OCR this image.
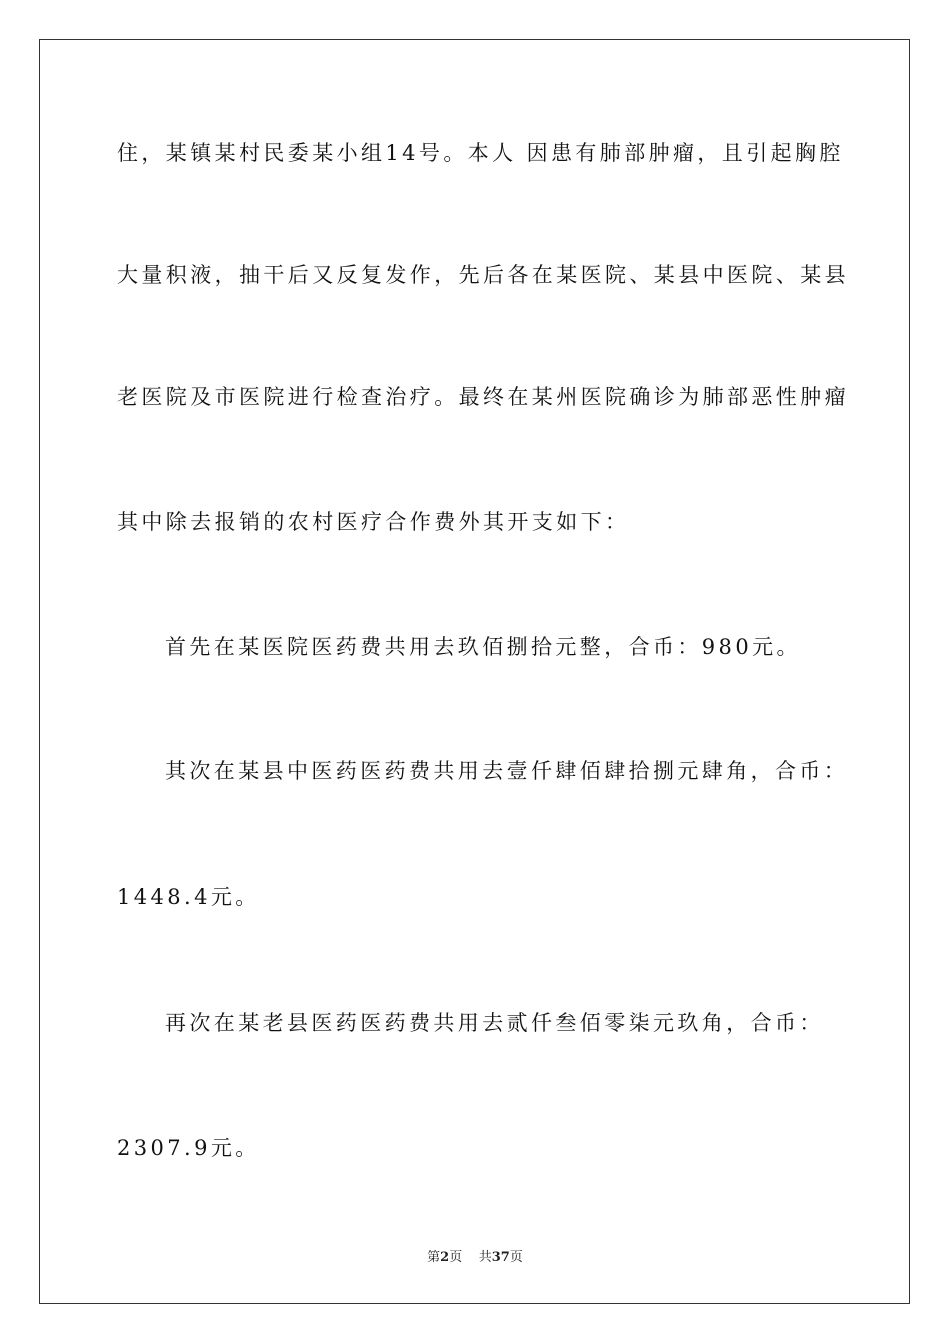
住，某镇某村民委某小组14号。本人 因患有肺部肿瘤，且引起胸腔
大量积液，抽干后又反复发作，先后各在某医院、某县中医院、某县
老医院及市医院进行检查治疗。最终在某州医院确诊为肺部恶性肿瘤
其中除去报销的农村医疗合作费外其开支如下：
首先在某医院医药费共用去玖佰捌拾元整，合币：980元。
其次在某县中医药医药费共用去壹仟肆佰肆拾捌元肆角，合币：
1448.4元。
再次在某老县医药医药费共用去贰仟叁佰零柒元玖角，合币：
2307.9元。
第2页 共37页
